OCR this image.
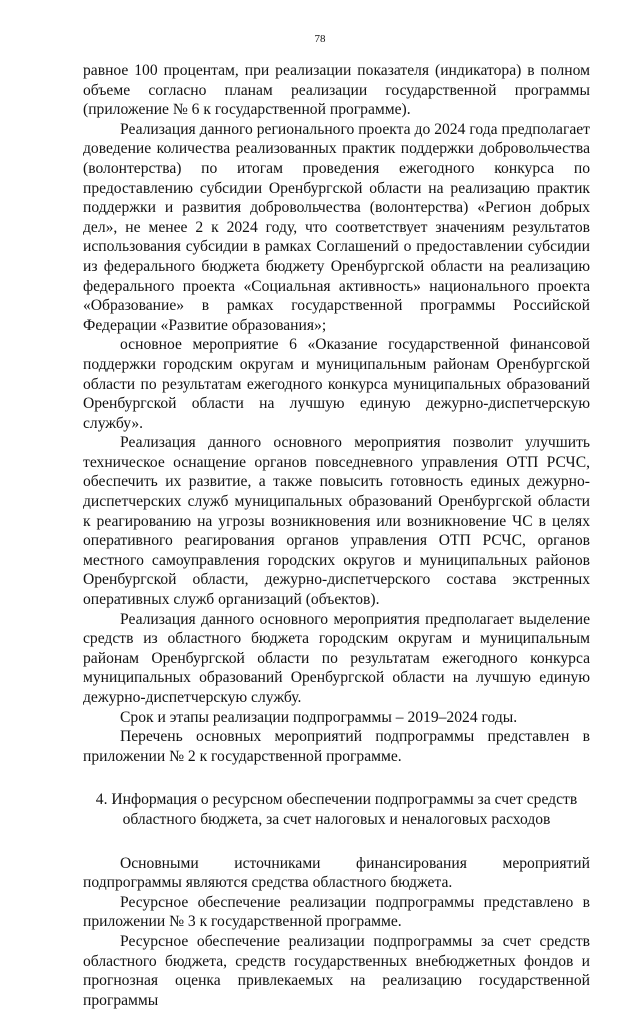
78

равное 100 процентам, при реализации показателя (индикатора) в полном объеме согласно планам реализации государственной программы (приложение № 6 к государственной программе).

Реализация данного регионального проекта до 2024 года предполагает доведение количества реализованных практик поддержки добровольчества (волонтерства) по итогам проведения ежегодного конкурса по предоставлению субсидии Оренбургской области на реализацию практик поддержки и развития добровольчества (волонтерства) «Регион добрых дел», не менее 2 к 2024 году, что соответствует значениям результатов использования субсидии в рамках Соглашений о предоставлении субсидии из федерального бюджета бюджету Оренбургской области на реализацию федерального проекта «Социальная активность» национального проекта «Образование» в рамках государственной программы Российской Федерации «Развитие образования»;

основное мероприятие 6 «Оказание государственной финансовой поддержки городским округам и муниципальным районам Оренбургской области по результатам ежегодного конкурса муниципальных образований Оренбургской области на лучшую единую дежурно-диспетчерскую службу».

Реализация данного основного мероприятия позволит улучшить техническое оснащение органов повседневного управления ОТП РСЧС, обеспечить их развитие, а также повысить готовность единых дежурно-диспетчерских служб муниципальных образований Оренбургской области к реагированию на угрозы возникновения или возникновение ЧС в целях оперативного реагирования органов управления ОТП РСЧС, органов местного самоуправления городских округов и муниципальных районов Оренбургской области, дежурно-диспетчерского состава экстренных оперативных служб организаций (объектов).

Реализация данного основного мероприятия предполагает выделение средств из областного бюджета городским округам и муниципальным районам Оренбургской области по результатам ежегодного конкурса муниципальных образований Оренбургской области на лучшую единую дежурно-диспетчерскую службу.

Срок и этапы реализации подпрограммы – 2019–2024 годы.

Перечень основных мероприятий подпрограммы представлен в приложении № 2 к государственной программе.

4. Информация о ресурсном обеспечении подпрограммы за счет средств
областного бюджета, за счет налоговых и неналоговых расходов

Основными источниками финансирования мероприятий подпрограммы являются средства областного бюджета.

Ресурсное обеспечение реализации подпрограммы представлено в приложении № 3 к государственной программе.

Ресурсное обеспечение реализации подпрограммы за счет средств областного бюджета, средств государственных внебюджетных фондов и прогнозная оценка привлекаемых на реализацию государственной программы
